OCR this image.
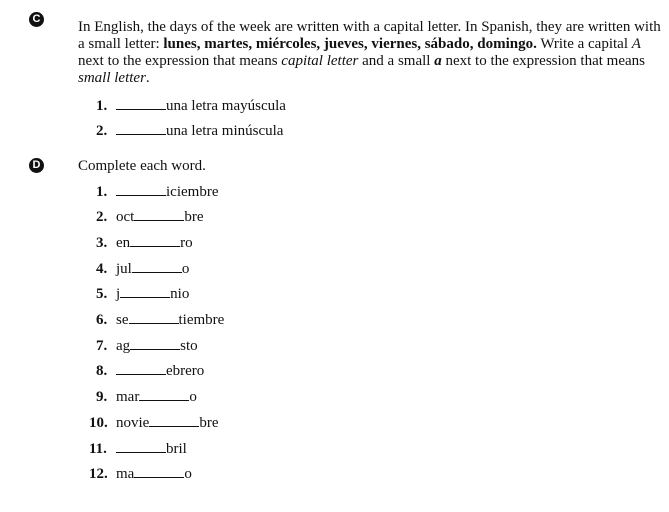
C	In English, the days of the week are written with a capital letter. In Spanish, they are written with a small letter: lunes, martes, miércoles, jueves, viernes, sábado, domingo. Write a capital A next to the expression that means capital letter and a small a next to the expression that means small letter.

1.	una letra mayúscula
2.	una letra minúscula
D	Complete each word.
1.	iciembre
2. oct	bre
3. en	ro
4. jul	o
5. j	nio
6. se	tiembre
7. ag	sto
8.	ebrero
9. mar	o
10. novie	bre
11.	bril
12. ma	o
